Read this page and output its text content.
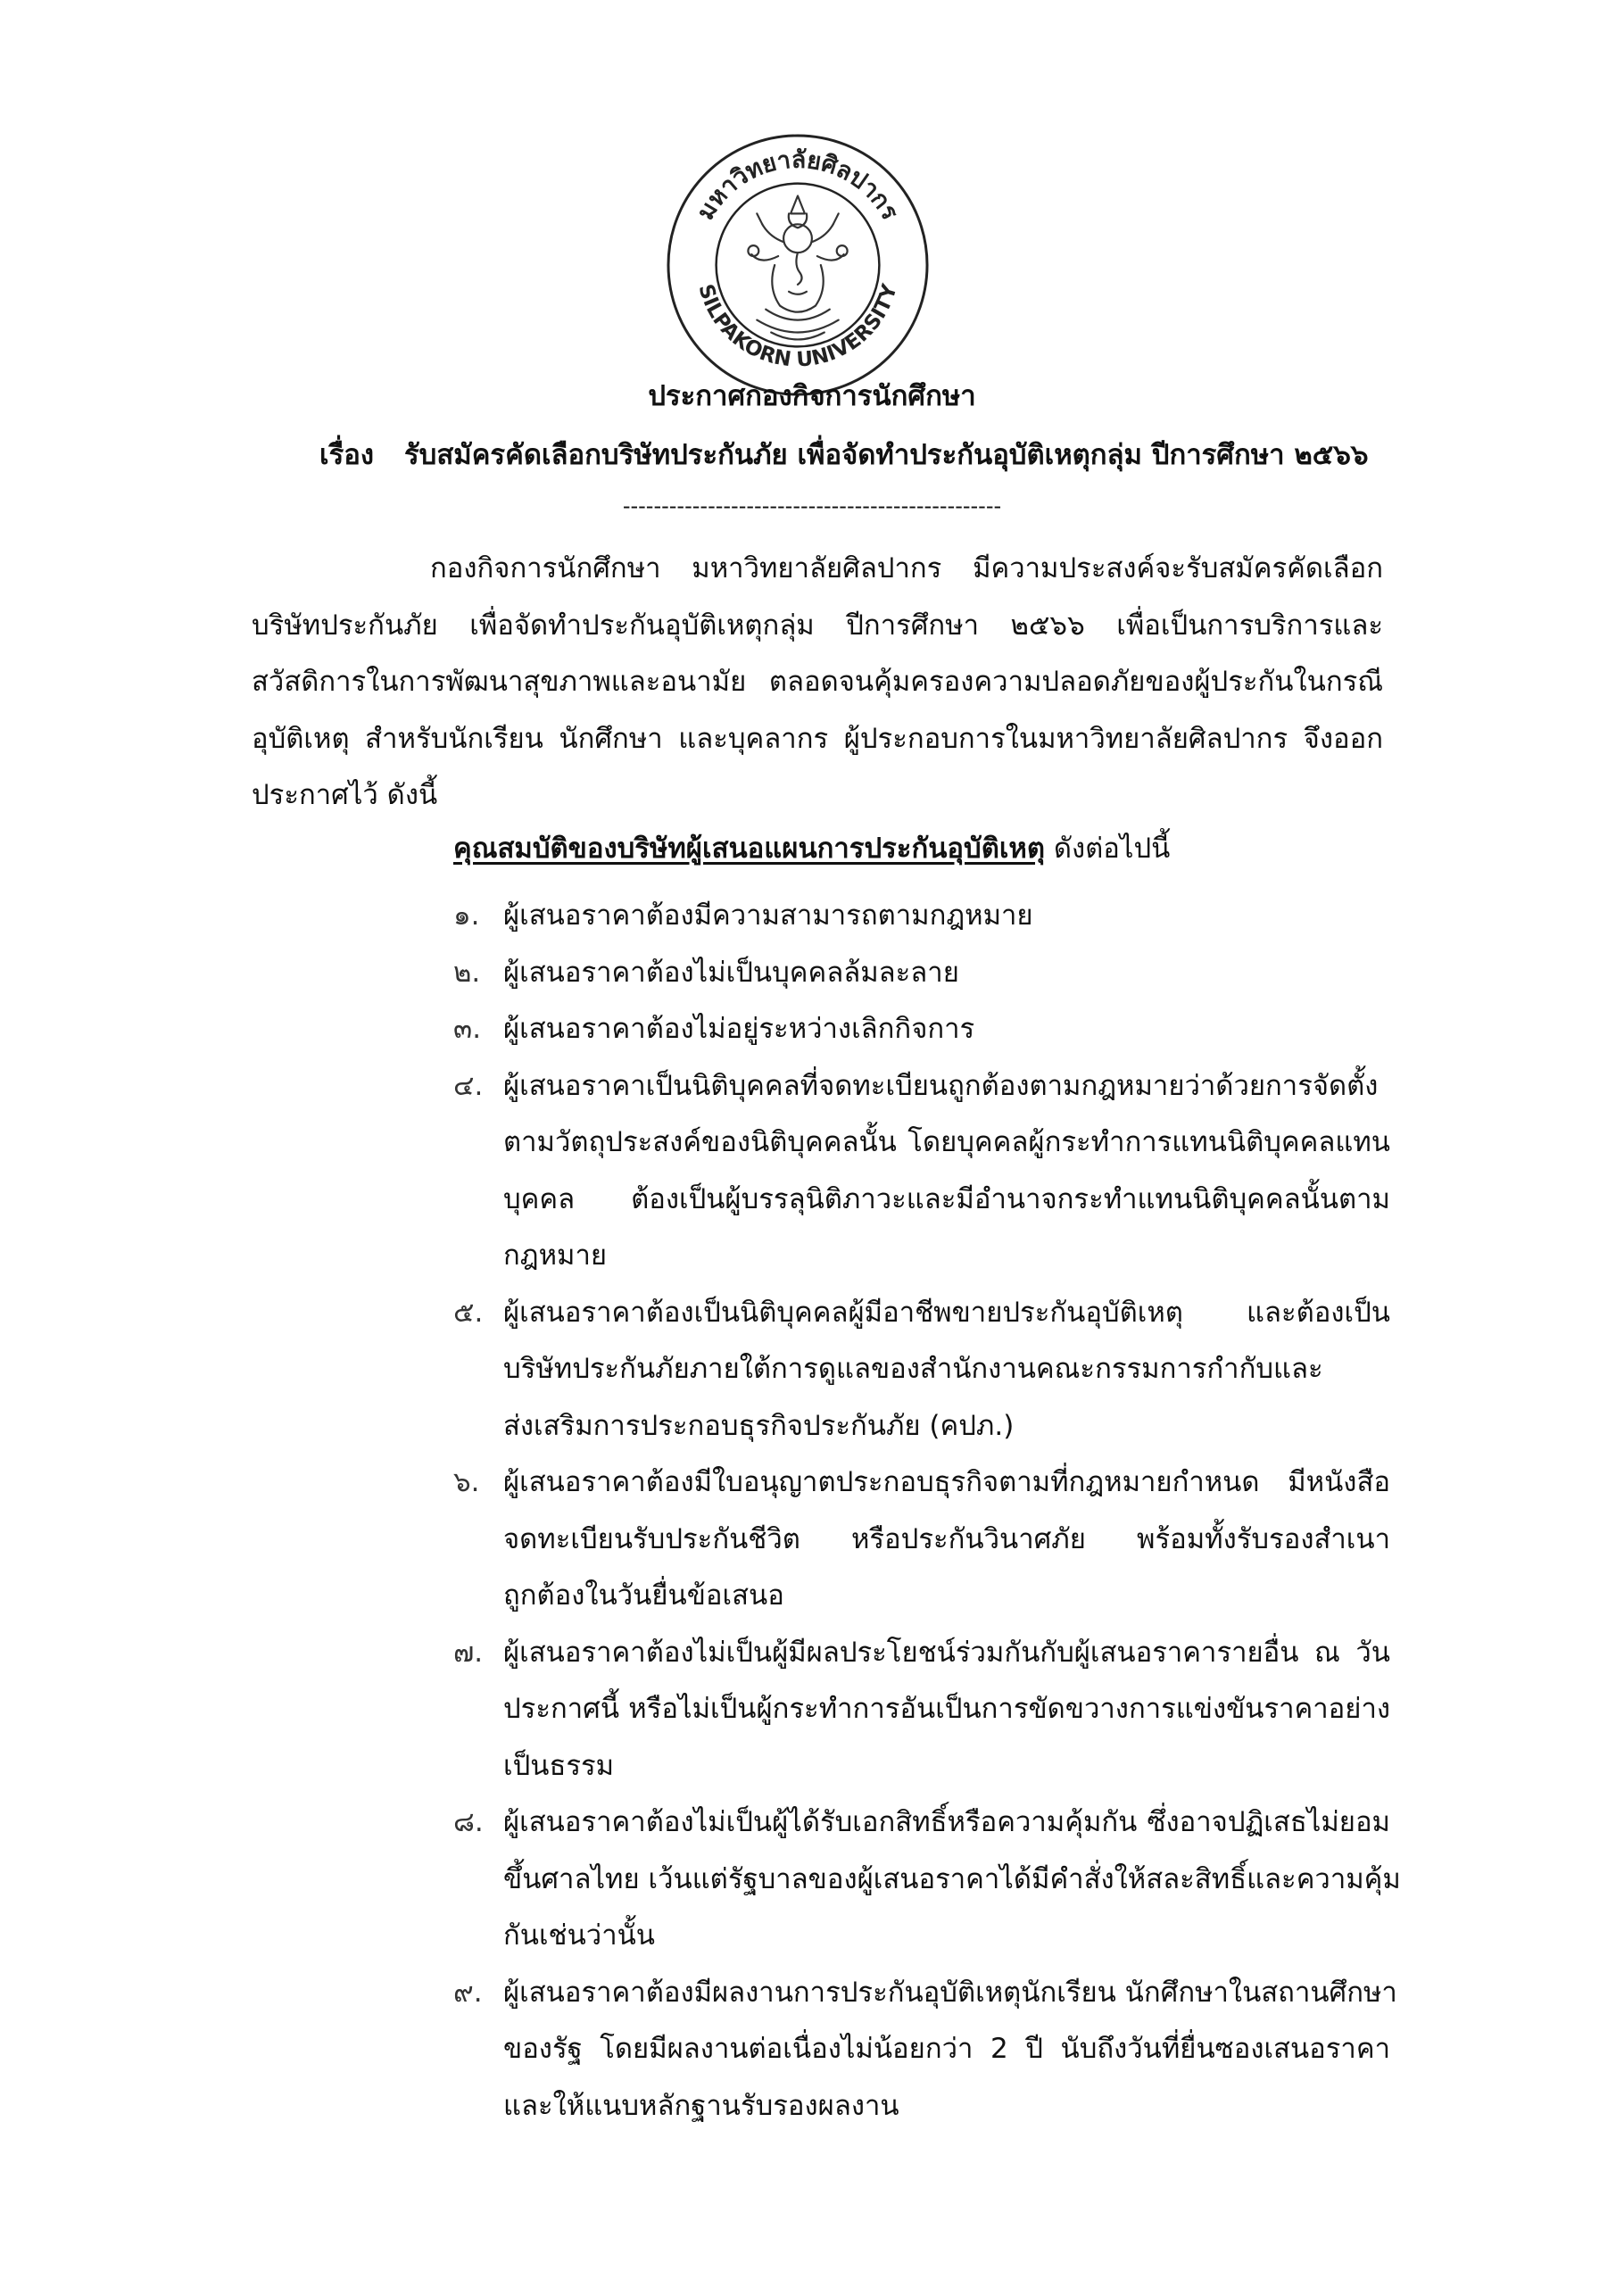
มหาวิทยาลัยศิลปากร
SILPAKORN UNIVERSITY
ประกาศกองกิจการนักศึกษา
เรื่อง รับสมัครคัดเลือกบริษัทประกันภัย เพื่อจัดทำประกันอุบัติเหตุกลุ่ม ปีการศึกษา ๒๕๖๖
-------------------------------------------------
กองกิจการนักศึกษา มหาวิทยาลัยศิลปากร มีความประสงค์จะรับสมัครคัดเลือก
บริษัทประกันภัย เพื่อจัดทำประกันอุบัติเหตุกลุ่ม ปีการศึกษา ๒๕๖๖ เพื่อเป็นการบริการและ
สวัสดิการในการพัฒนาสุขภาพและอนามัย ตลอดจนคุ้มครองความปลอดภัยของผู้ประกันในกรณี
อุบัติเหตุ สำหรับนักเรียน นักศึกษา และบุคลากร ผู้ประกอบการในมหาวิทยาลัยศิลปากร จึงออก
ประกาศไว้ ดังนี้
คุณสมบัติของบริษัทผู้เสนอแผนการประกันอุบัติเหตุ ดังต่อไปนี้
๑. ผู้เสนอราคาต้องมีความสามารถตามกฎหมาย
๒. ผู้เสนอราคาต้องไม่เป็นบุคคลล้มละลาย
๓. ผู้เสนอราคาต้องไม่อยู่ระหว่างเลิกกิจการ
๔. ผู้เสนอราคาเป็นนิติบุคคลที่จดทะเบียนถูกต้องตามกฎหมายว่าด้วยการจัดตั้ง
ตามวัตถุประสงค์ของนิติบุคคลนั้น โดยบุคคลผู้กระทำการแทนนิติบุคคลแทน
บุคคล ต้องเป็นผู้บรรลุนิติภาวะและมีอำนาจกระทำแทนนิติบุคคลนั้นตาม
กฎหมาย
๕. ผู้เสนอราคาต้องเป็นนิติบุคคลผู้มีอาชีพขายประกันอุบัติเหตุ และต้องเป็น
บริษัทประกันภัยภายใต้การดูแลของสำนักงานคณะกรรมการกำกับและ
ส่งเสริมการประกอบธุรกิจประกันภัย (คปภ.)
๖. ผู้เสนอราคาต้องมีใบอนุญาตประกอบธุรกิจตามที่กฎหมายกำหนด มีหนังสือ
จดทะเบียนรับประกันชีวิต หรือประกันวินาศภัย พร้อมทั้งรับรองสำเนา
ถูกต้องในวันยื่นข้อเสนอ
๗. ผู้เสนอราคาต้องไม่เป็นผู้มีผลประโยชน์ร่วมกันกับผู้เสนอราคารายอื่น ณ วัน
ประกาศนี้ หรือไม่เป็นผู้กระทำการอันเป็นการขัดขวางการแข่งขันราคาอย่าง
เป็นธรรม
๘. ผู้เสนอราคาต้องไม่เป็นผู้ได้รับเอกสิทธิ์หรือความคุ้มกัน ซึ่งอาจปฏิเสธไม่ยอม
ขึ้นศาลไทย เว้นแต่รัฐบาลของผู้เสนอราคาได้มีคำสั่งให้สละสิทธิ์และความคุ้ม
กันเช่นว่านั้น
๙. ผู้เสนอราคาต้องมีผลงานการประกันอุบัติเหตุนักเรียน นักศึกษาในสถานศึกษา
ของรัฐ โดยมีผลงานต่อเนื่องไม่น้อยกว่า 2 ปี นับถึงวันที่ยื่นซองเสนอราคา
และให้แนบหลักฐานรับรองผลงาน
